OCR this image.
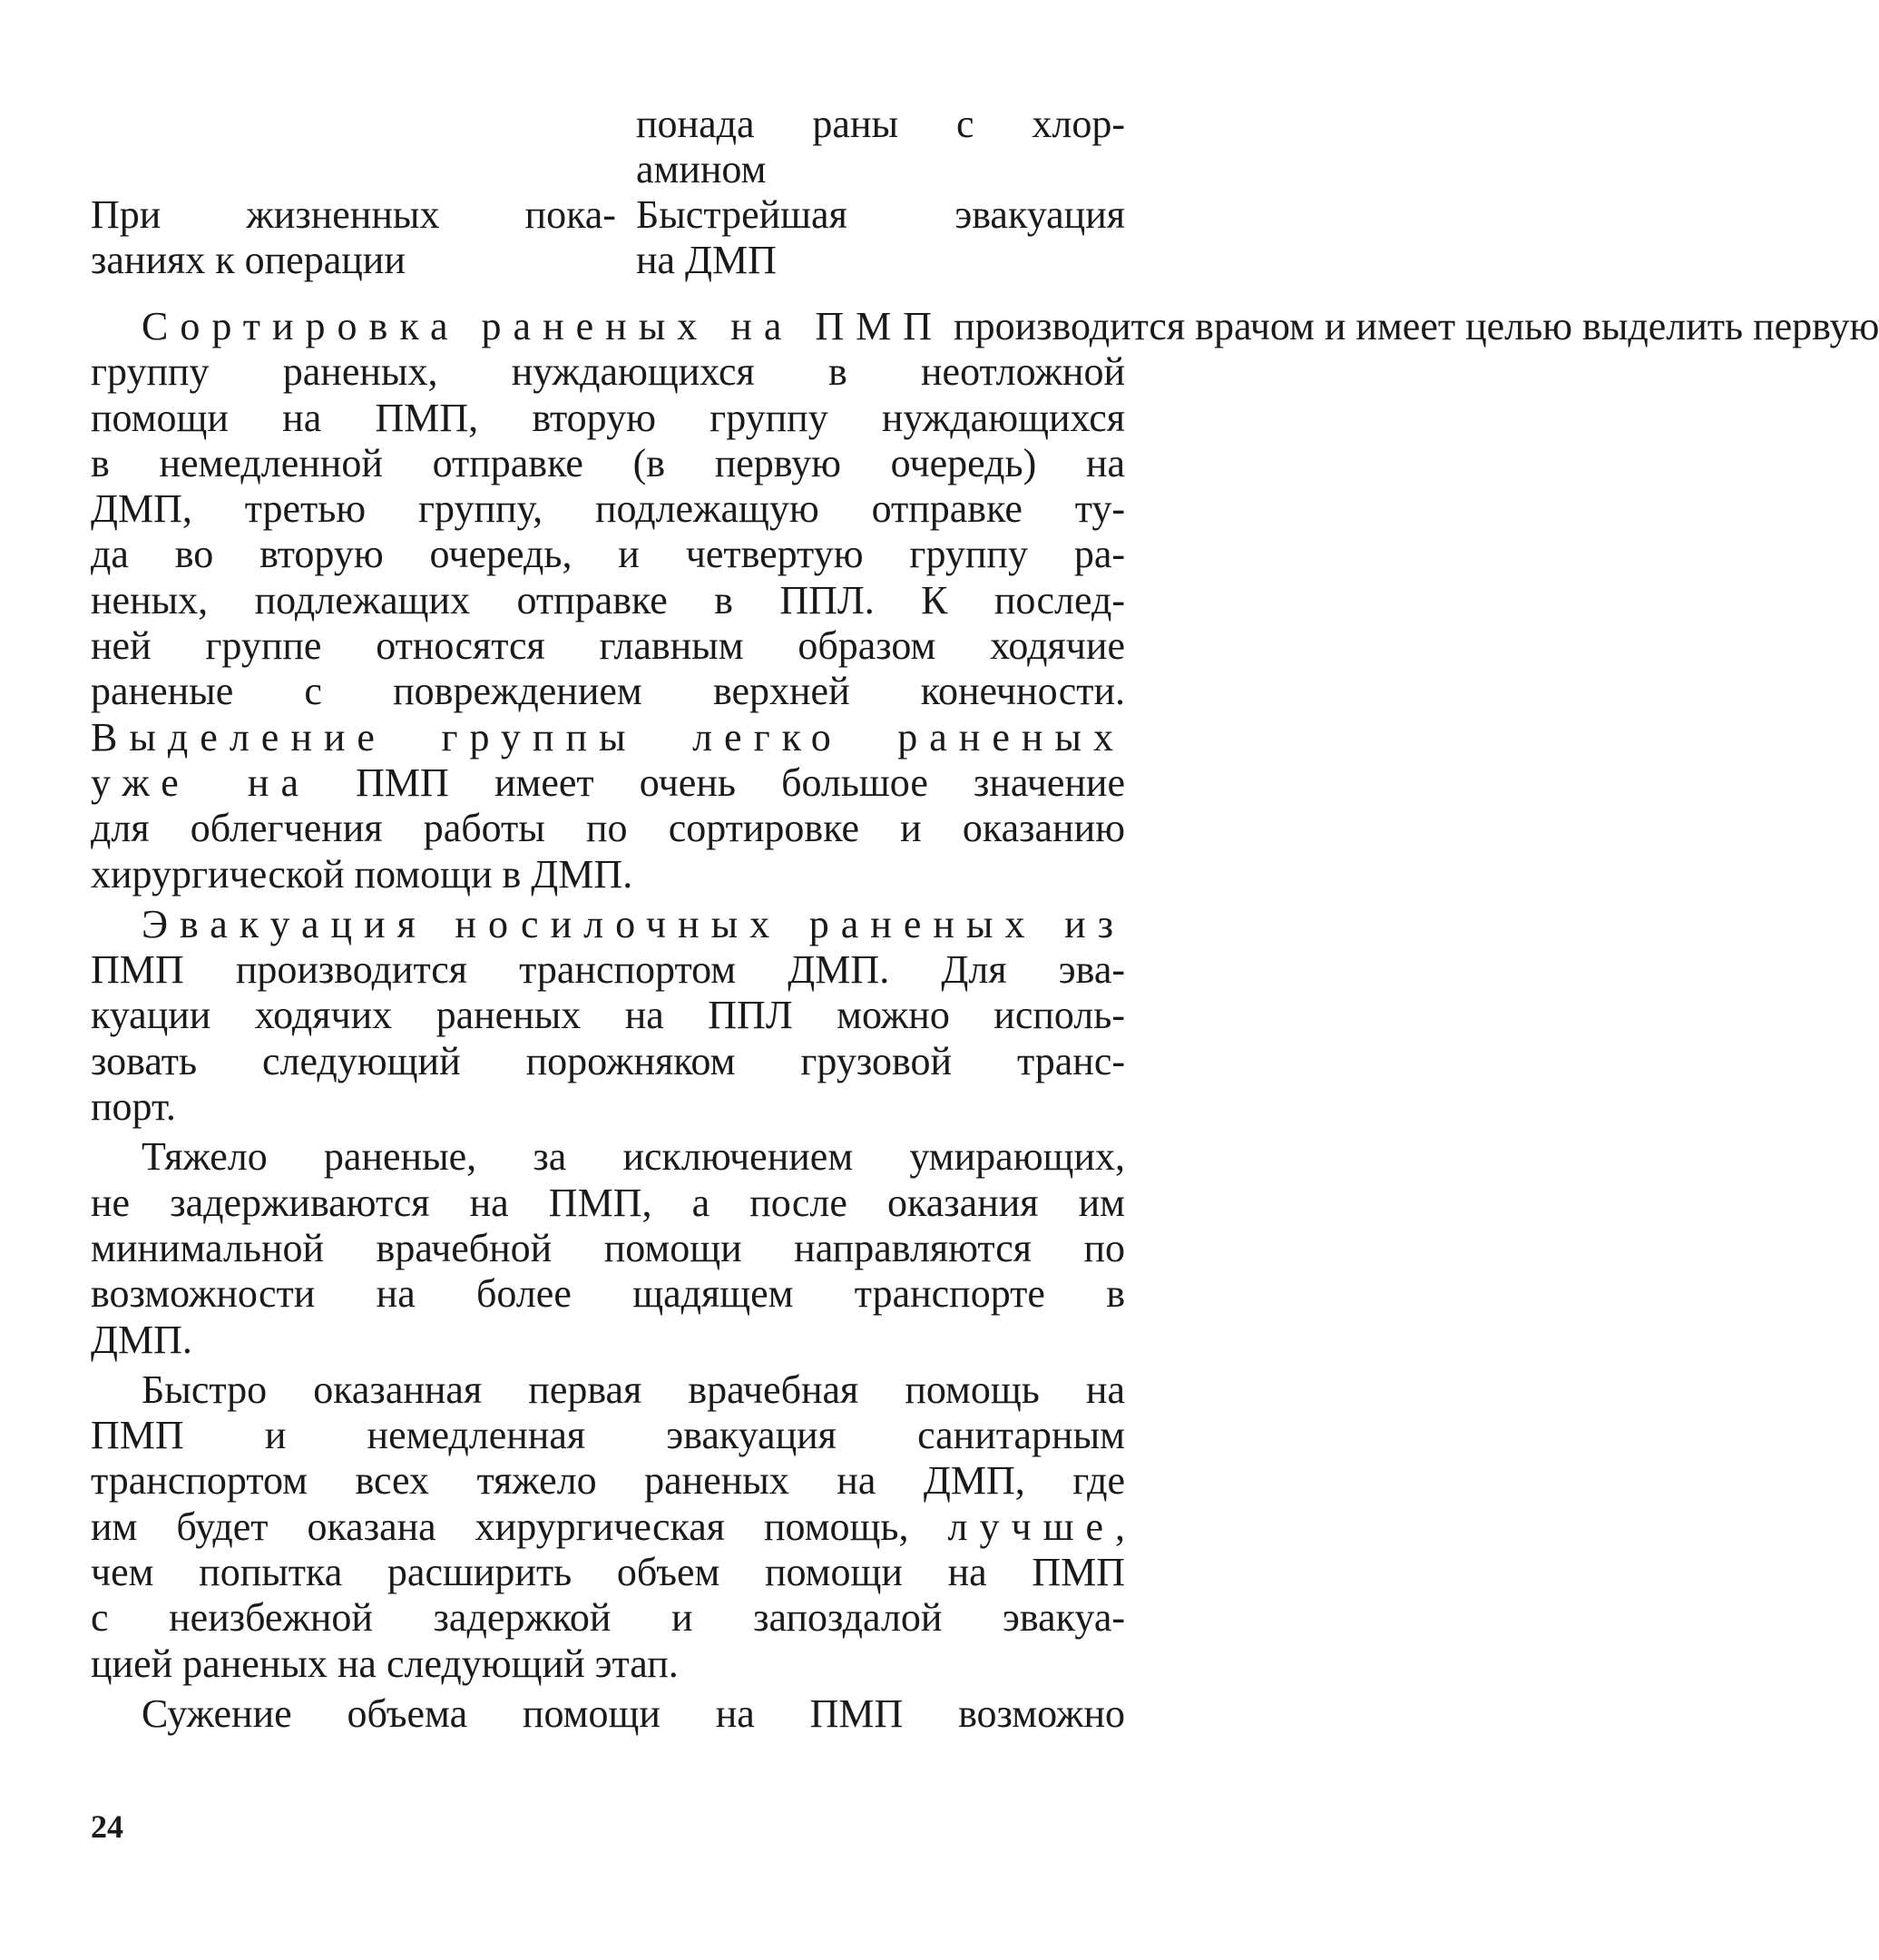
понада раны с хлор-
амином
При жизненных пока-
заниях к операции
Быстрейшая эвакуация
на ДМП
Сортировка раненых на ПМП производится врачом и имеет целью выделить первую
группу раненых, нуждающихся в неотложной
помощи на ПМП, вторую группу нуждающихся
в немедленной отправке (в первую очередь) на
ДМП, третью группу, подлежащую отправке ту-
да во вторую очередь, и четвертую группу ра-
неных, подлежащих отправке в ППЛ. К послед-
ней группе относятся главным образом ходячие
раненые с повреждением верхней конечности.
Выделение группы легко раненых
уже на ПМП имеет очень большое значение
для облегчения работы по сортировке и оказанию
хирургической помощи в ДМП.
Эвакуация носилочных раненых из
ПМП производится транспортом ДМП. Для эва-
куации ходячих раненых на ППЛ можно исполь-
зовать следующий порожняком грузовой транс-
порт.
Тяжело раненые, за исключением умирающих,
не задерживаются на ПМП, а после оказания им
минимальной врачебной помощи направляются по
возможности на более щадящем транспорте в
ДМП.
Быстро оказанная первая врачебная помощь на
ПМП и немедленная эвакуация санитарным
транспортом всех тяжело раненых на ДМП, где
им будет оказана хирургическая помощь, лучше,
чем попытка расширить объем помощи на ПМП
с неизбежной задержкой и запоздалой эвакуа-
цией раненых на следующий этап.
Сужение объема помощи на ПМП возможно
24
